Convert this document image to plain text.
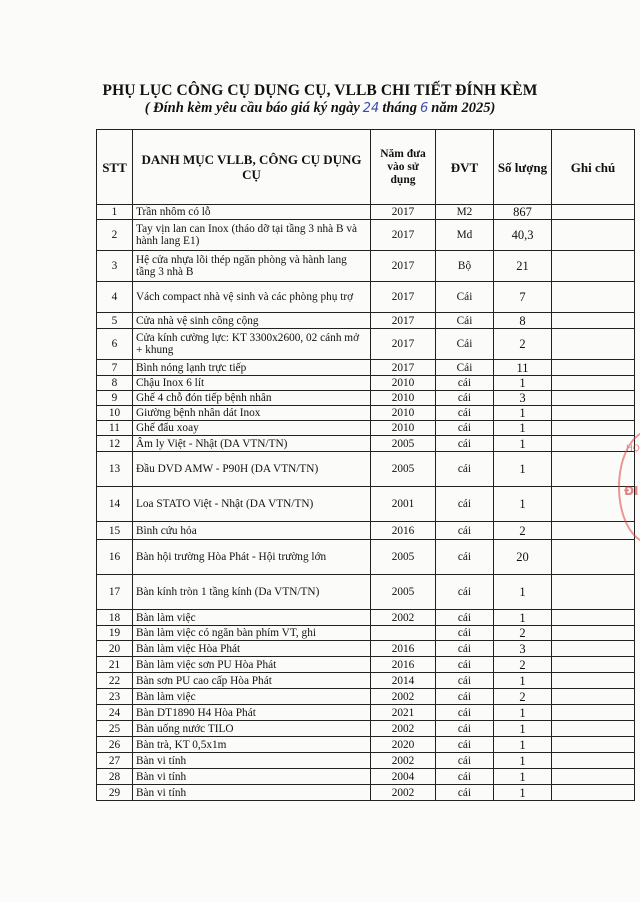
PHỤ LỤC CÔNG CỤ DỤNG CỤ, VLLB CHI TIẾT ĐÍNH KÈM
( Đính kèm yêu cầu báo giá ký ngày 24 tháng 6 năm 2025)
STT	DANH MỤC VLLB, CÔNG CỤ DỤNG CỤ	Năm đưa vào sử dụng	ĐVT	Số lượng	Ghi chú
1	Trần nhôm có lỗ	2017	M2	867	
2	Tay vịn lan can Inox (tháo dỡ tại tầng 3 nhà B và hành lang E1)	2017	Md	40,3	
3	Hệ cửa nhựa lõi thép ngăn phòng và hành lang tầng 3 nhà B	2017	Bộ	21	
4	Vách compact nhà vệ sinh và các phòng phụ trợ	2017	Cái	7	
5	Cửa nhà vệ sinh công cộng	2017	Cái	8	
6	Cửa kính cường lực: KT 3300x2600, 02 cánh mở + khung	2017	Cái	2	
7	Bình nóng lạnh trực tiếp	2017	Cái	11	
8	Chậu Inox 6 lít	2010	cái	1	
9	Ghế 4 chỗ đón tiếp bệnh nhân	2010	cái	3	
10	Giường bệnh nhân dát Inox	2010	cái	1	
11	Ghế đẩu xoay	2010	cái	1	
12	Âm ly Việt - Nhật (DA VTN/TN)	2005	cái	1	
13	Đầu DVD AMW - P90H (DA VTN/TN)	2005	cái	1	
14	Loa STATO Việt - Nhật (DA VTN/TN)	2001	cái	1	
15	Bình cứu hỏa	2016	cái	2	
16	Bàn hội trường Hòa Phát - Hội trường lớn	2005	cái	20	
17	Bàn kính tròn 1 tầng kính (Da VTN/TN)	2005	cái	1	
18	Bàn làm việc	2002	cái	1	
19	Bàn làm việc có ngăn bàn phím VT, ghi		cái	2	
20	Bàn làm việc Hòa Phát	2016	cái	3	
21	Bàn làm việc sơn PU Hòa Phát	2016	cái	2	
22	Bàn sơn PU cao cấp Hòa Phát	2014	cái	1	
23	Bàn làm việc	2002	cái	2	
24	Bàn DT1890 H4 Hòa Phát	2021	cái	1	
25	Bàn uống nước TILO	2002	cái	1	
26	Bàn trà, KT 0,5x1m	2020	cái	1	
27	Bàn vi tính	2002	cái	1	
28	Bàn vi tính	2004	cái	1	
29	Bàn vi tính	2002	cái	1	
HỌ
ĐI
